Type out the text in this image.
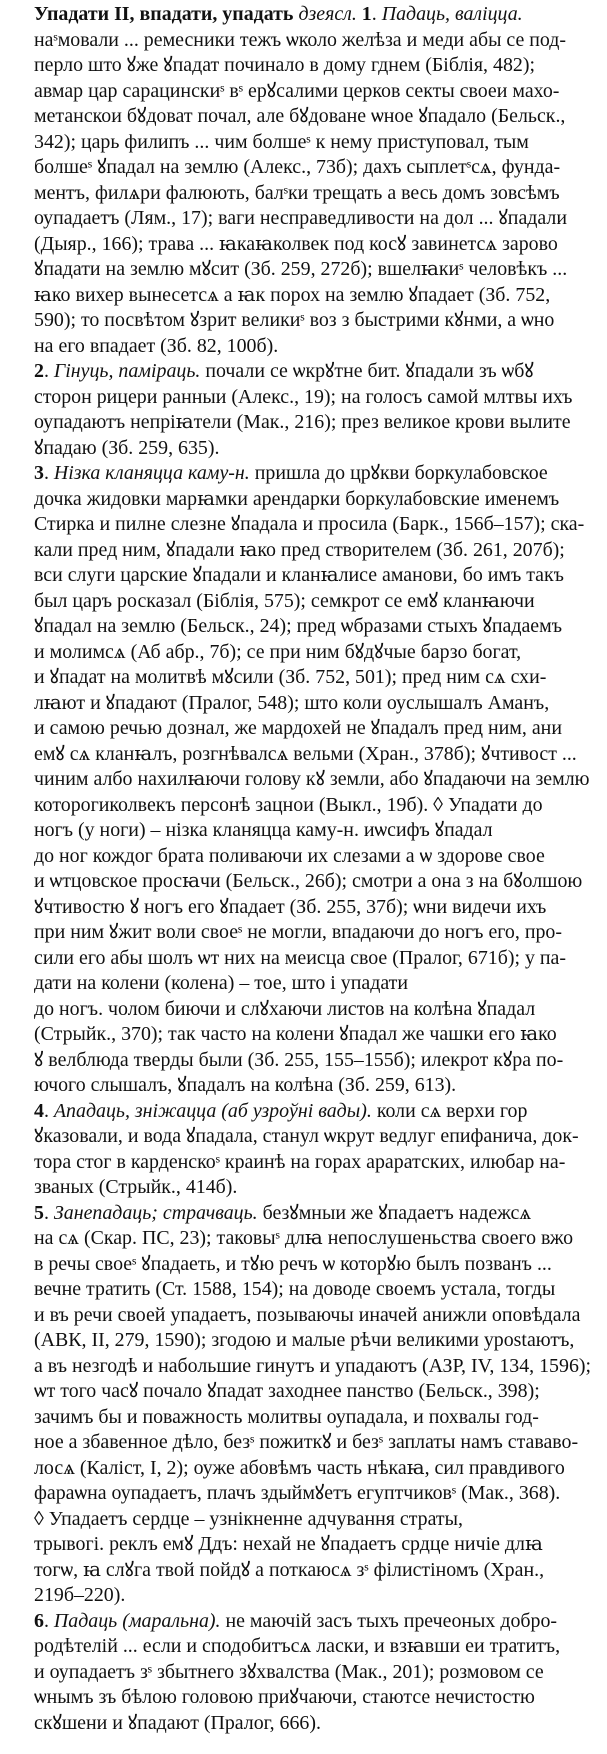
Упадати II, впадати, упадать дзеясл. 1. Падаць, валіцца.
наˢмовали ... ремесники тежъ ѡколо желѣза и меди абы се под-
перло што ꙋже ꙋпадат починало в дому гднем (Біблія, 482);
авмар цар сарацинскиˢ вˢ ерꙋсалими церков секты своеи махо-
метанскои бꙋдоват почал, але бꙋдоване ѡное ꙋпадало (Бельск.,
342); царь филипъ ... чим болшеˢ к нему приступовал, тым
болшеˢ ꙋпадал на землю (Алекс., 73б); дахъ сыплетˢсѧ, фунда-
ментъ, филѧри фалюють, балˢки трещать а весь домъ зовсѣмъ
оупадаетъ (Лям., 17); ваги несправедливости на дол ... ꙋпадали
(Дыяр., 166); трава ... ꙗкаꙗколвек под косꙋ завинетсѧ зарово
ꙋпадати на землю мꙋсит (Зб. 259, 272б); вшелꙗкиˢ человѣкъ ...
ꙗко вихер вынесетсѧ а ꙗк порох на землю ꙋпадает (Зб. 752,
590); то посвѣтом ꙋзрит великиˢ воз з быстрими кꙋнми, а ѡно
на его впадает (Зб. 82, 100б).

2. Гінуць, паміраць. почали се ѡкрꙋтне бит. ꙋпадали зъ ѡбꙋ
сторон рицери ранныи (Алекс., 19); на голосъ самой млтвы ихъ
оупадаютъ непріꙗтели (Мак., 216); през великое крови вылите
ꙋпадаю (Зб. 259, 635).

3. Нізка кланяцца каму-н. пришла до црꙋкви боркулабовское
дочка жидовки марꙗмки арендарки боркулабовские именемъ
Стирка и пилне слезне ꙋпадала и просила (Барк., 156б–157); ска-
кали пред ним, ꙋпадали ꙗко пред створителем (Зб. 261, 207б);
вси слуги царские ꙋпадали и кланꙗлисе аманови, бо имъ такъ
был царъ росказал (Біблія, 575); семкрот се емꙋ кланꙗючи
ꙋпадал на землю (Бельск., 24); пред ѡбразами стыхъ ꙋпадаемъ
и молимсѧ (Аб абр., 7б); се при ним бꙋдꙋчые барзо богат,
и ꙋпадат на молитвѣ мꙋсили (Зб. 752, 501); пред ним сѧ схи-
лꙗют и ꙋпадают (Пралог, 548); што коли оуслышалъ Аманъ,
и самою речью дознал, же мардохей не ꙋпадалъ пред ним, ани
емꙋ сѧ кланꙗлъ, розгнѣвалсѧ вельми (Хран., 378б); ꙋчтивост ...
чиним албо нахилꙗючи голову кꙋ земли, або ꙋпадаючи на землю
которогиколвекъ персонѣ зацнои (Выкл., 19б). ◊ Упадати до
ногъ (у ноги) – нізка кланяцца каму-н. иѡсифъ ꙋпадал
до ног кождог брата поливаючи их слезами а ѡ здорове свое
и ѡтцовское просꙗчи (Бельск., 26б); смотри а она з на бꙋолшою
ꙋчтивостю ꙋ ногъ его ꙋпадает (Зб. 255, 37б); ѡни видечи ихъ
при ним ꙋжит воли своеˢ не могли, впадаючи до ногъ его, про-
сили его абы шолъ ѡт них на меисца свое (Пралог, 671б); у па-
дати на колени (колена) – тое, што і упадати
до ногъ. чолом биючи и слꙋхаючи листов на колѣна ꙋпадал
(Стрыйк., 370); так часто на колени ꙋпадал же чашки его ꙗко
ꙋ велблюда тверды были (Зб. 255, 155–155б); илекрот кꙋра по-
ючого слышалъ, ꙋпадалъ на колѣна (Зб. 259, 613).

4. Ападаць, зніжацца (аб узроўні вады). коли сѧ верхи гор
ꙋказовали, и вода ꙋпадала, станул ѡкрут ведлуг епифанича, док-
тора стог в карденскоˢ краинѣ на горах араратских, илюбар на-
званых (Стрыйк., 414б).

5. Занепадаць; страчваць. безꙋмныи же ꙋпадаетъ надежсѧ
на сѧ (Скар. ПС, 23); таковыˢ длꙗ непослушеньства своего вжо
в речы своеˢ ꙋпадаеть, и тꙋю речъ ѡ которꙋю былъ позванъ ...
вечне тратить (Ст. 1588, 154); на доводе своемъ устала, тогды
и въ речи своей упадаетъ, позываючы иначей анижли оповѣдала
(АВК, II, 279, 1590); згодою и малые рѣчи великими урostаютъ,
а въ незгодѣ и набольшие гинутъ и упадаютъ (АЗР, IV, 134, 1596);
ѡт того часꙋ почало ꙋпадат заходнее панство (Бельск., 398);
зачимъ бы и поважность молитвы оупадала, и похвалы год-
ное а збавенное дѣло, безˢ пожиткꙋ и безˢ заплаты намъ стававо-
лосѧ (Каліст, I, 2); оуже абовѣмъ часть нѣкаꙗ, сил правдивого
фараѡна оупадаетъ, плачъ здыймꙋетъ егуптчиковˢ (Мак., 368).
◊ Упадаетъ сердце – узнікненне адчування страты,
трывогі. реклъ емꙋ Ддъ: нехай не ꙋпадаетъ срдце ничіе длꙗ
тогѡ, ꙗ слꙋга твой пойдꙋ а поткаюсѧ зˢ філистіномъ (Хран.,
219б–220).

6. Падаць (маральна). не маючій засъ тыхъ пречеоных добро-
родѣтелій ... если и сподобитъсѧ ласки, и взꙗвши еи тратитъ,
и оупадаетъ зˢ збытнего зꙋхвалства (Мак., 201); розмовом се
ѡнымъ зъ бѣлою головою приꙋчаючи, стаютсе нечистостю
скꙋшени и ꙋпадают (Пралог, 666).
